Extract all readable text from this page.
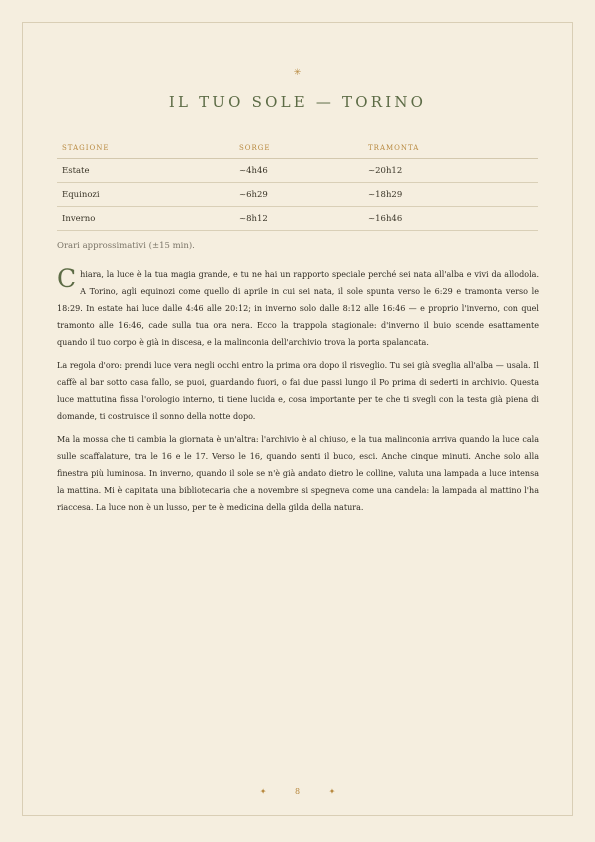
✳
IL TUO SOLE — TORINO
STAGIONE	SORGE	TRAMONTA
Estate	~4h46	~20h12
Equinozi	~6h29	~18h29
Inverno	~8h12	~16h46
Orari approssimativi (±15 min).

Chiara, la luce è la tua magia grande, e tu ne hai un rapporto speciale perché sei nata all'alba e vivi da allodola. A Torino, agli equinozi come quello di aprile in cui sei nata, il sole spunta verso le 6:29 e tramonta verso le 18:29. In estate hai luce dalle 4:46 alle 20:12; in inverno solo dalle 8:12 alle 16:46 — e proprio l'inverno, con quel tramonto alle 16:46, cade sulla tua ora nera. Ecco la trappola stagionale: d'inverno il buio scende esattamente quando il tuo corpo è già in discesa, e la malinconia dell'archivio trova la porta spalancata.

La regola d'oro: prendi luce vera negli occhi entro la prima ora dopo il risveglio. Tu sei già sveglia all'alba — usala. Il caffè al bar sotto casa fallo, se puoi, guardando fuori, o fai due passi lungo il Po prima di sederti in archivio. Questa luce mattutina fissa l'orologio interno, ti tiene lucida e, cosa importante per te che ti svegli con la testa già piena di domande, ti costruisce il sonno della notte dopo.

Ma la mossa che ti cambia la giornata è un'altra: l'archivio è al chiuso, e la tua malinconia arriva quando la luce cala sulle scaffalature, tra le 16 e le 17. Verso le 16, quando senti il buco, esci. Anche cinque minuti. Anche solo alla finestra più luminosa. In inverno, quando il sole se n'è già andato dietro le colline, valuta una lampada a luce intensa la mattina. Mi è capitata una bibliotecaria che a novembre si spegneva come una candela: la lampada al mattino l'ha riaccesa. La luce non è un lusso, per te è medicina della gilda della natura.

✦	8	✦
